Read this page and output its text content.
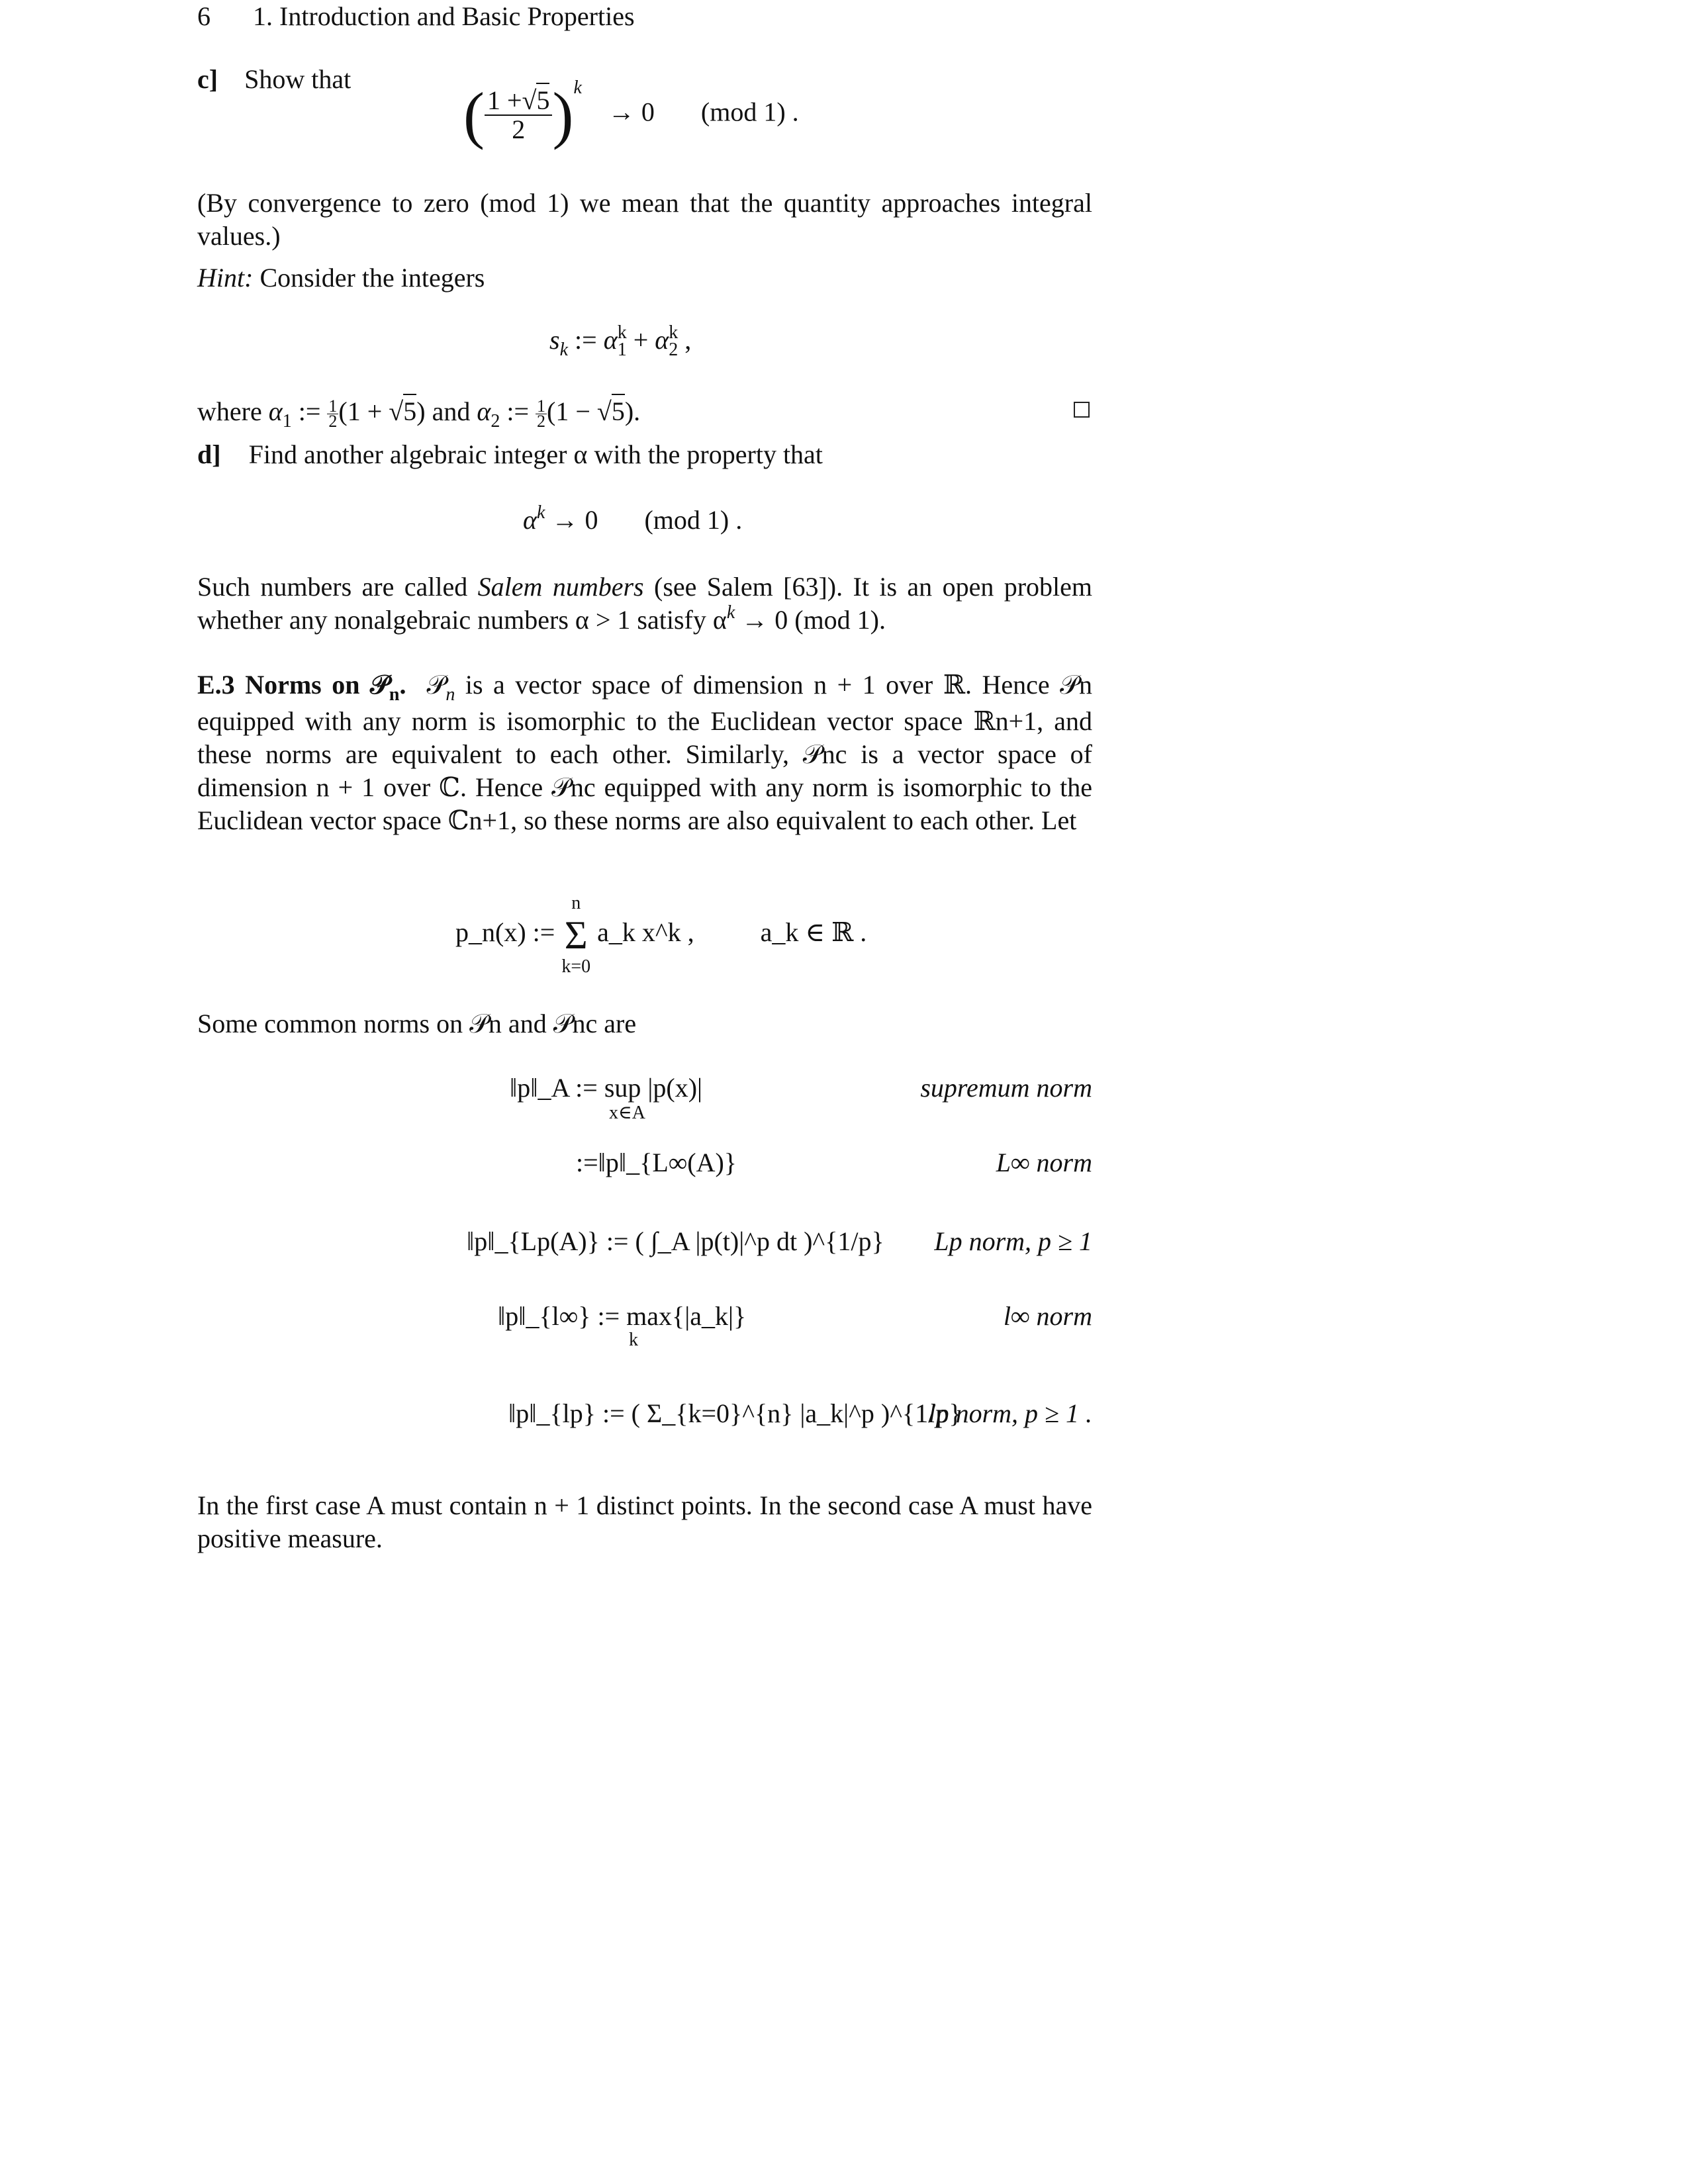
6 1. Introduction and Basic Properties
c] Show that
( $\frac{1 +√5}{2} )^k \to 0$ (mod 1) .
(By convergence to zero (mod 1) we mean that the quantity approaches integral values.)
Hint: Consider the integers
$s_k$ := $\alpha^k_1 + \alpha^k_2$ ,
where $\alpha_1$ := $\frac{1}{2}(1 + √5)$ and $\alpha_2$ := $\frac{1}{2}(1 - √5)$.
d] Find another algebraic integer α with the property that
$\alpha^k \to 0$ (mod 1) .
Such numbers are called Salem numbers (see Salem [63]). It is an open problem whether any nonalgebraic numbers α > 1 satisfy $\alpha^k \to 0$ (mod 1).
E.3 Norms on 𝒫$_n$.  𝒫$_n$ is a vector space of dimension n + 1 over ℝ. Hence 𝒫n equipped with any norm is isomorphic to the Euclidean vector space ℝn+1, and these norms are equivalent to each other. Similarly, 𝒫nc is a vector space of dimension n + 1 over ℂ. Hence 𝒫nc equipped with any norm is isomorphic to the Euclidean vector space ℂn+1, so these norms are also equivalent to each other. Let
p_n(x) :=
n
Σ
k=0
a_k x^k ,	a_k ∈ ℝ .
Some common norms on 𝒫n and 𝒫nc are
‖p‖_A := sup |p(x)|
x∈A
supremum norm
:=‖p‖_{L∞(A)}	L∞ norm
‖p‖_{Lp(A)} := ( ∫_A |p(t)|^p dt )^{1/p} Lp norm, p ≥ 1
‖p‖_{l∞} := max{|a_k|}
k
l∞ norm
‖p‖_{lp} := ( Σ_{k=0}^{n} |a_k|^p )^{1/p}
lp norm, p ≥ 1 .
In the first case A must contain n + 1 distinct points. In the second case A must have positive measure.
